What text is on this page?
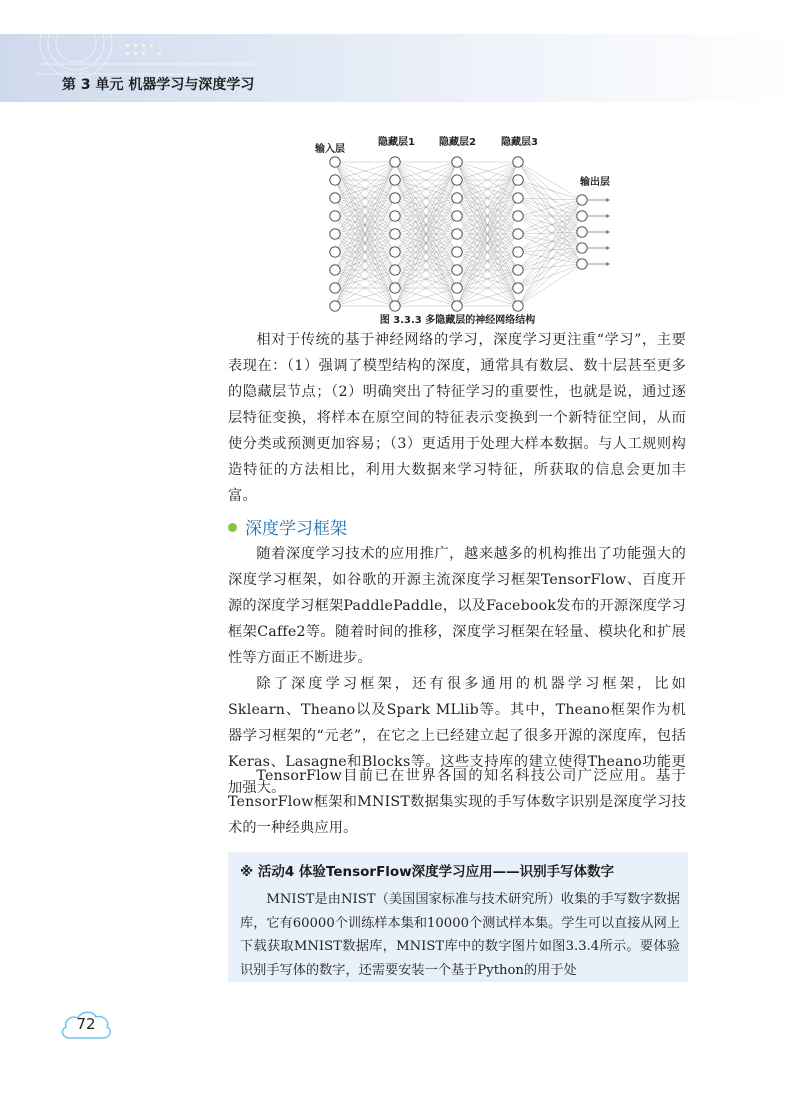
第 3 单元 机器学习与深度学习
输入层
隐藏层1 隐藏层2	隐藏层3
输出层
图 3.3.3 多隐藏层的神经网络结构

相对于传统的基于神经网络的学习，深度学习更注重“学习”，主要表现在：（1）强调了模型结构的深度，通常具有数层、数十层甚至更多的隐藏层节点；（2）明确突出了特征学习的重要性，也就是说，通过逐层特征变换，将样本在原空间的特征表示变换到一个新特征空间，从而使分类或预测更加容易；（3）更适用于处理大样本数据。与人工规则构造特征的方法相比，利用大数据来学习特征，所获取的信息会更加丰富。

深度学习框架

随着深度学习技术的应用推广，越来越多的机构推出了功能强大的深度学习框架，如谷歌的开源主流深度学习框架TensorFlow、百度开源的深度学习框架PaddlePaddle，以及Facebook发布的开源深度学习框架Caffe2等。随着时间的推移，深度学习框架在轻量、模块化和扩展性等方面正不断进步。

除了深度学习框架，还有很多通用的机器学习框架，比如Sklearn、Theano以及Spark MLlib等。其中，Theano框架作为机器学习框架的“元老”，在它之上已经建立起了很多开源的深度库，包括Keras、Lasagne和Blocks等。这些支持库的建立使得Theano功能更加强大。

TensorFlow目前已在世界各国的知名科技公司广泛应用。基于TensorFlow框架和MNIST数据集实现的手写体数字识别是深度学习技术的一种经典应用。

※ 活动4 体验TensorFlow深度学习应用——识别手写体数字

MNIST是由NIST（美国国家标准与技术研究所）收集的手写数字数据库，它有60000个训练样本集和10000个测试样本集。学生可以直接从网上下载获取MNIST数据库，MNIST库中的数字图片如图3.3.4所示。要体验识别手写体的数字，还需要安装一个基于Python的用于处

72
